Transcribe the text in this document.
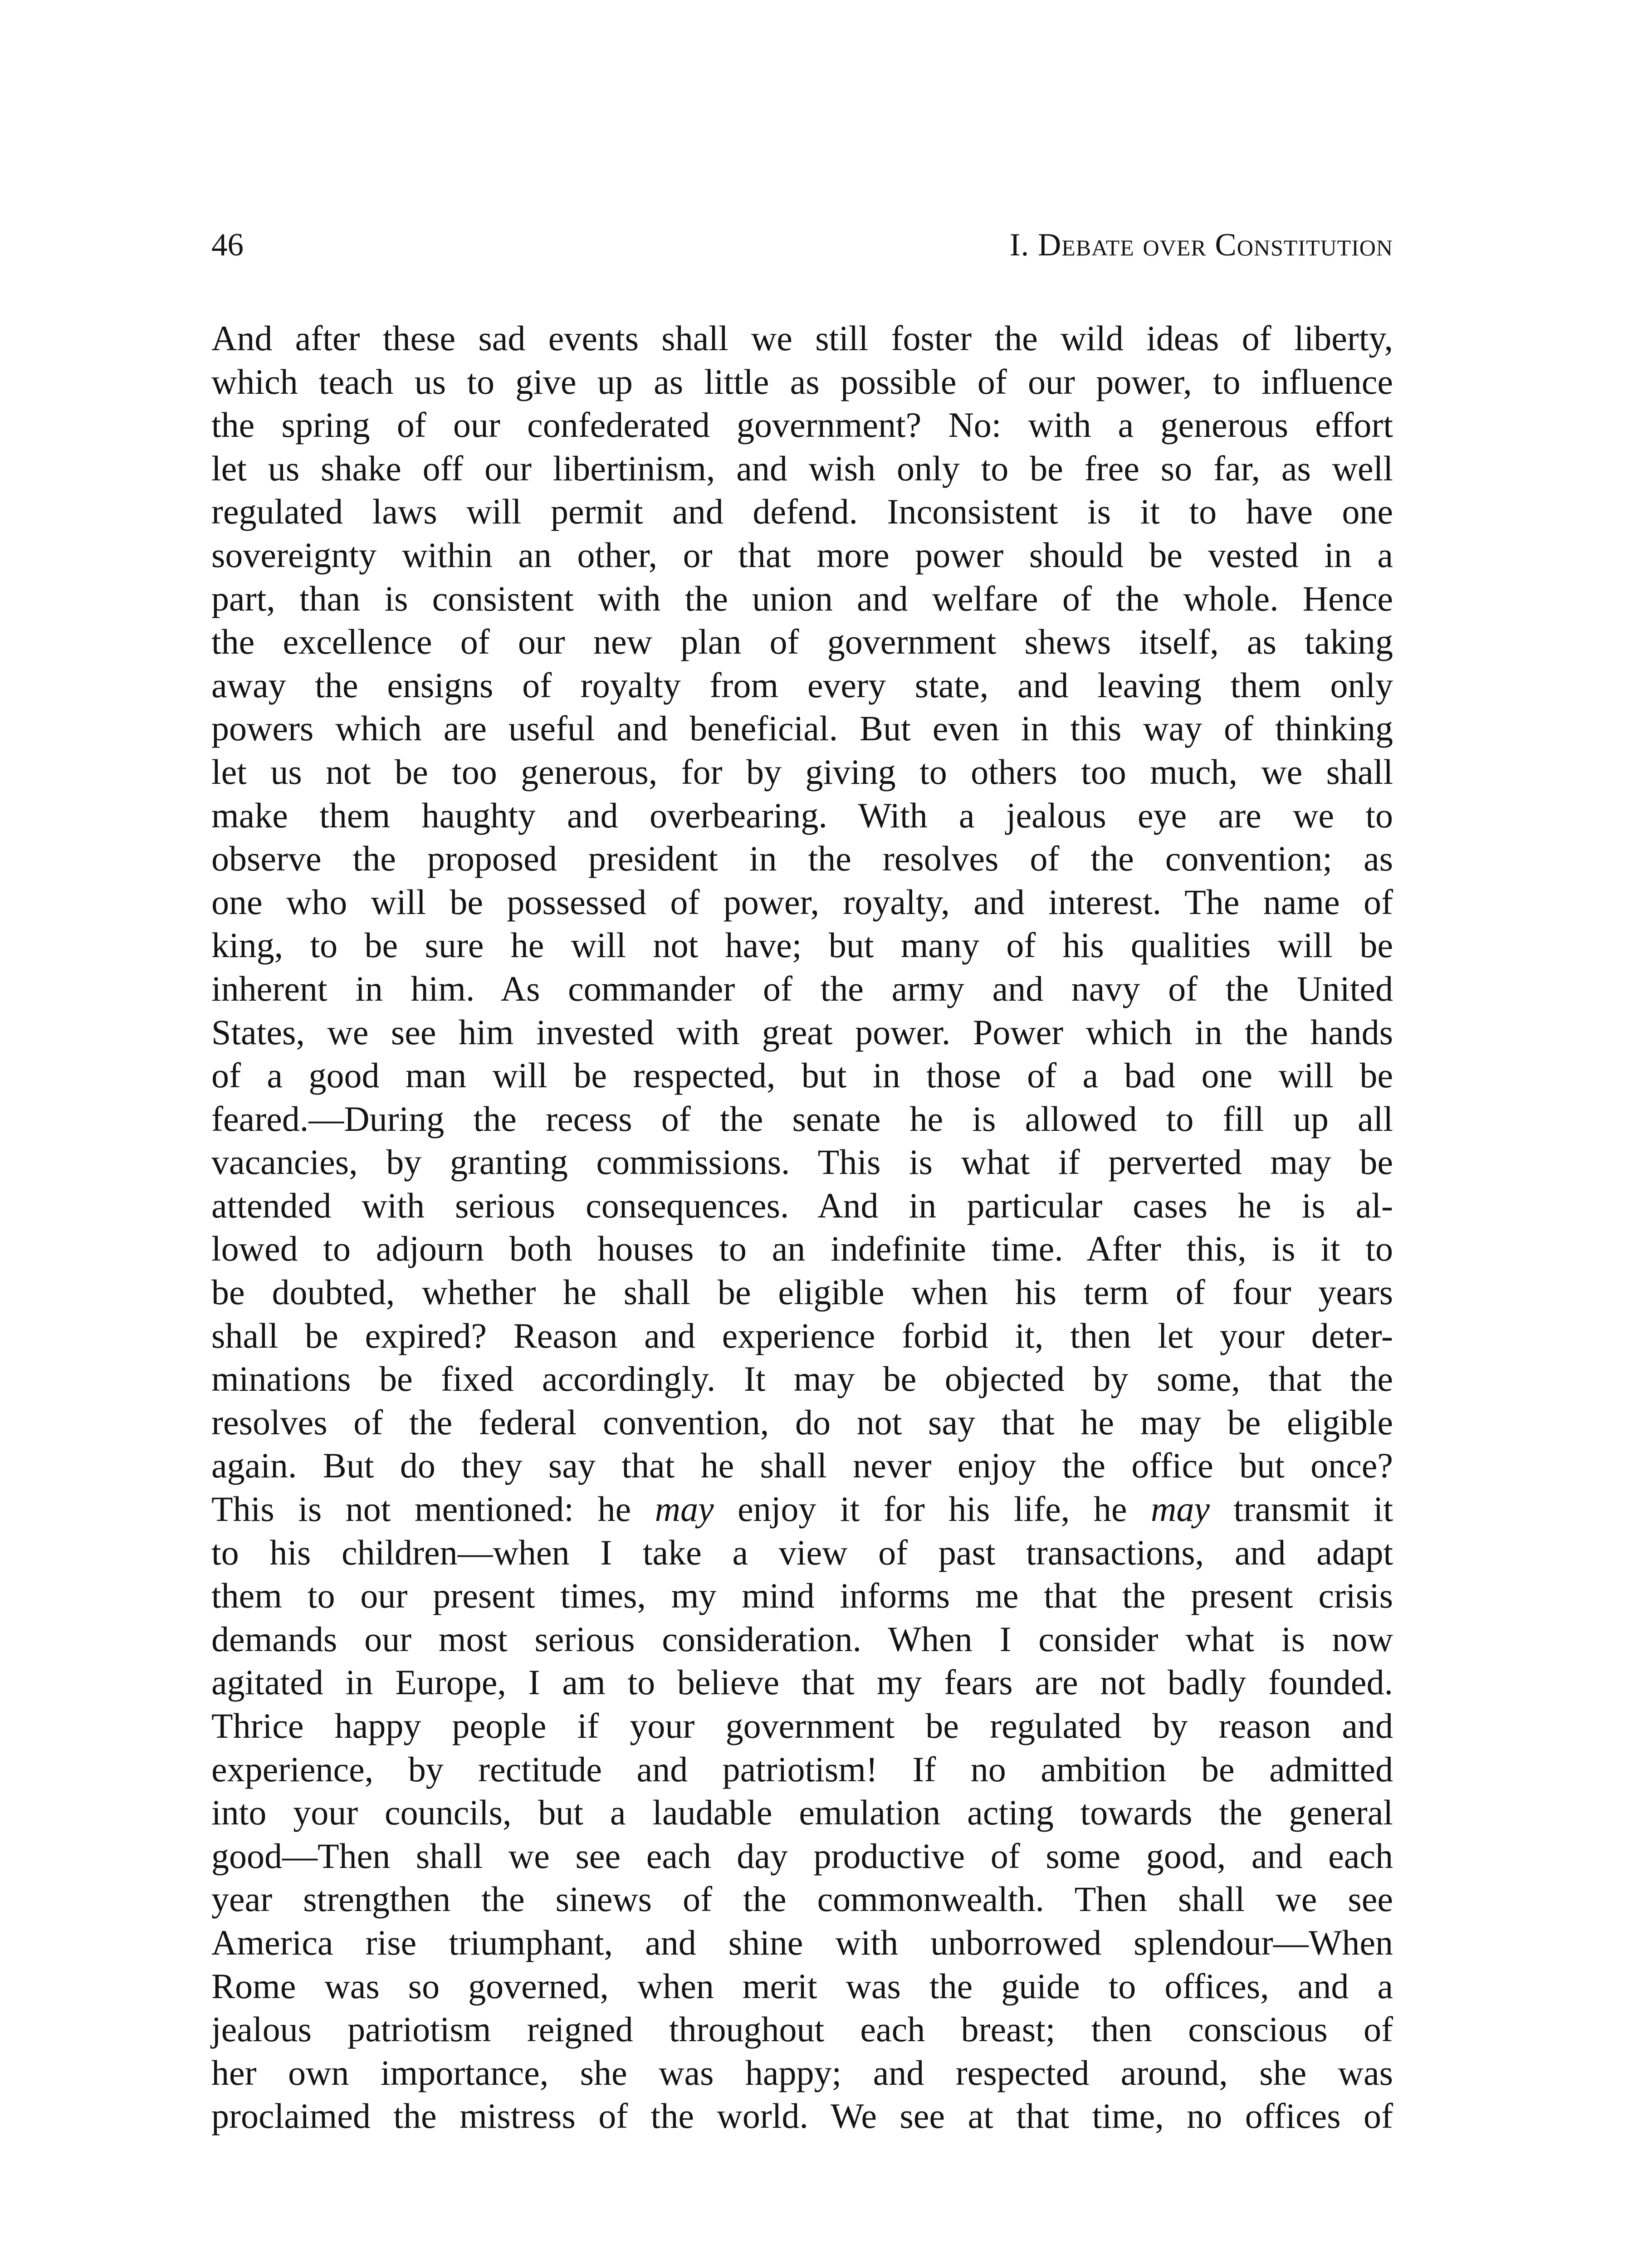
46	I. Debate over Constitution
And after these sad events shall we still foster the wild ideas of liberty,
which teach us to give up as little as possible of our power, to influence
the spring of our confederated government? No: with a generous effort
let us shake off our libertinism, and wish only to be free so far, as well
regulated laws will permit and defend. Inconsistent is it to have one
sovereignty within an other, or that more power should be vested in a
part, than is consistent with the union and welfare of the whole. Hence
the excellence of our new plan of government shews itself, as taking
away the ensigns of royalty from every state, and leaving them only
powers which are useful and beneficial. But even in this way of thinking
let us not be too generous, for by giving to others too much, we shall
make them haughty and overbearing. With a jealous eye are we to
observe the proposed president in the resolves of the convention; as
one who will be possessed of power, royalty, and interest. The name of
king, to be sure he will not have; but many of his qualities will be
inherent in him. As commander of the army and navy of the United
States, we see him invested with great power. Power which in the hands
of a good man will be respected, but in those of a bad one will be
feared.—During the recess of the senate he is allowed to fill up all
vacancies, by granting commissions. This is what if perverted may be
attended with serious consequences. And in particular cases he is al-
lowed to adjourn both houses to an indefinite time. After this, is it to
be doubted, whether he shall be eligible when his term of four years
shall be expired? Reason and experience forbid it, then let your deter-
minations be fixed accordingly. It may be objected by some, that the
resolves of the federal convention, do not say that he may be eligible
again. But do they say that he shall never enjoy the office but once?
This is not mentioned: he may enjoy it for his life, he may transmit it
to his children—when I take a view of past transactions, and adapt
them to our present times, my mind informs me that the present crisis
demands our most serious consideration. When I consider what is now
agitated in Europe, I am to believe that my fears are not badly founded.
Thrice happy people if your government be regulated by reason and
experience, by rectitude and patriotism! If no ambition be admitted
into your councils, but a laudable emulation acting towards the general
good—Then shall we see each day productive of some good, and each
year strengthen the sinews of the commonwealth. Then shall we see
America rise triumphant, and shine with unborrowed splendour—When
Rome was so governed, when merit was the guide to offices, and a
jealous patriotism reigned throughout each breast; then conscious of
her own importance, she was happy; and respected around, she was
proclaimed the mistress of the world. We see at that time, no offices of
